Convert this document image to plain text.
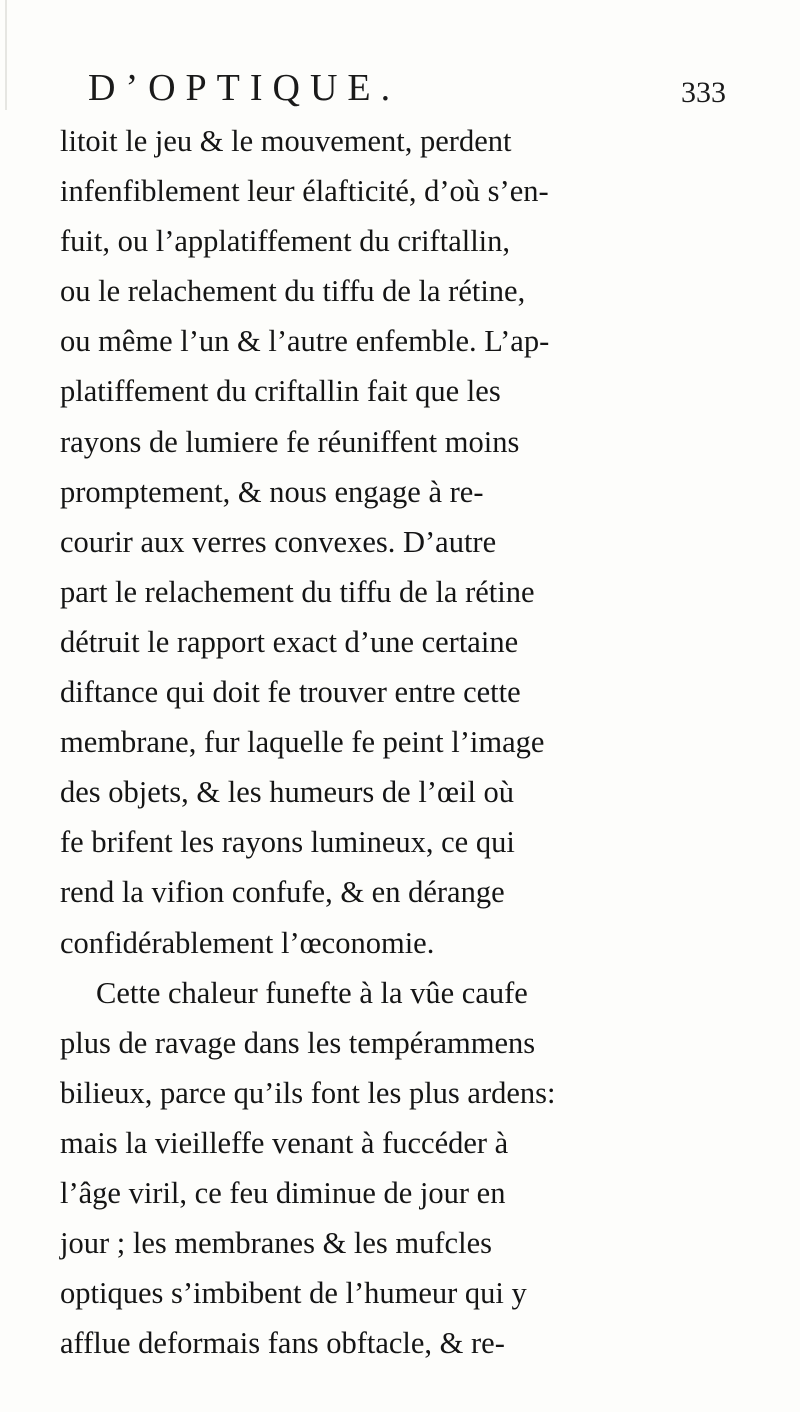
D’OPTIQUE.	333
litoit le jeu & le mouvement, perdent
infenfiblement leur élafticité, d’où s’en-
fuit, ou l’applatiffement du criftallin,
ou le relachement du tiffu de la rétine,
ou même l’un & l’autre enfemble. L’ap-
platiffement du criftallin fait que les
rayons de lumiere fe réuniffent moins
promptement, & nous engage à re-
courir aux verres convexes. D’autre
part le relachement du tiffu de la rétine
détruit le rapport exact d’une certaine
diftance qui doit fe trouver entre cette
membrane, fur laquelle fe peint l’image
des objets, & les humeurs de l’œil où
fe brifent les rayons lumineux, ce qui
rend la vifion confufe, & en dérange
confidérablement l’œconomie.
Cette chaleur funefte à la vûe caufe
plus de ravage dans les tempérammens
bilieux, parce qu’ils font les plus ardens:
mais la vieilleffe venant à fuccéder à
l’âge viril, ce feu diminue de jour en
jour ; les membranes & les mufcles
optiques s’imbibent de l’humeur qui y
afflue deformais fans obftacle, & re-
